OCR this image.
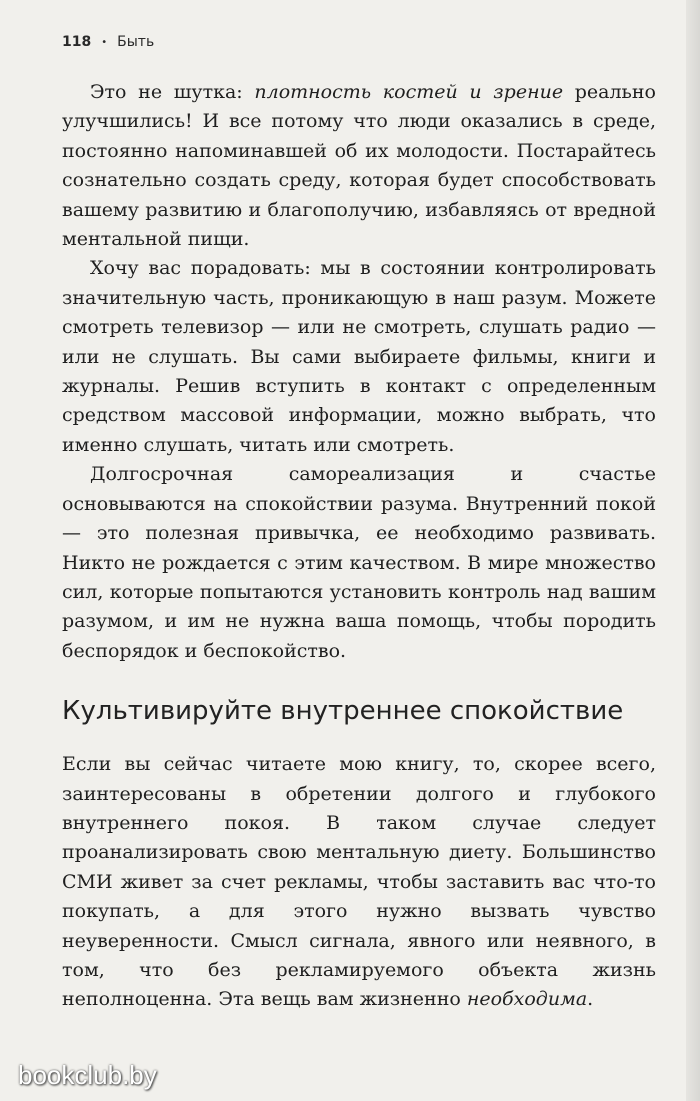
118 • Быть

Это не шутка: плотность костей и зрение реально улучшились! И все потому что люди оказались в среде, постоянно напоминавшей об их молодости. Постарайтесь сознательно создать среду, которая будет способствовать вашему развитию и благополучию, избавляясь от вредной ментальной пищи.

Хочу вас порадовать: мы в состоянии контролировать значительную часть, проникающую в наш разум. Можете смотреть телевизор — или не смотреть, слушать радио — или не слушать. Вы сами выбираете фильмы, книги и журналы. Решив вступить в контакт с определенным средством массовой информации, можно выбрать, что именно слушать, читать или смотреть.

Долгосрочная самореализация и счастье основываются на спокойствии разума. Внутренний покой — это полезная привычка, ее необходимо развивать. Никто не рождается с этим качеством. В мире множество сил, которые попытаются установить контроль над вашим разумом, и им не нужна ваша помощь, чтобы породить беспорядок и беспокойство.

Культивируйте внутреннее спокойствие

Если вы сейчас читаете мою книгу, то, скорее всего, заинтересованы в обретении долгого и глубокого внутреннего покоя. В таком случае следует проанализировать свою ментальную диету. Большинство СМИ живет за счет рекламы, чтобы заставить вас что-то покупать, а для этого нужно вызвать чувство неуверенности. Смысл сигнала, явного или неявного, в том, что без рекламируемого объекта жизнь неполноценна. Эта вещь вам жизненно необходима.

bookclub.by
